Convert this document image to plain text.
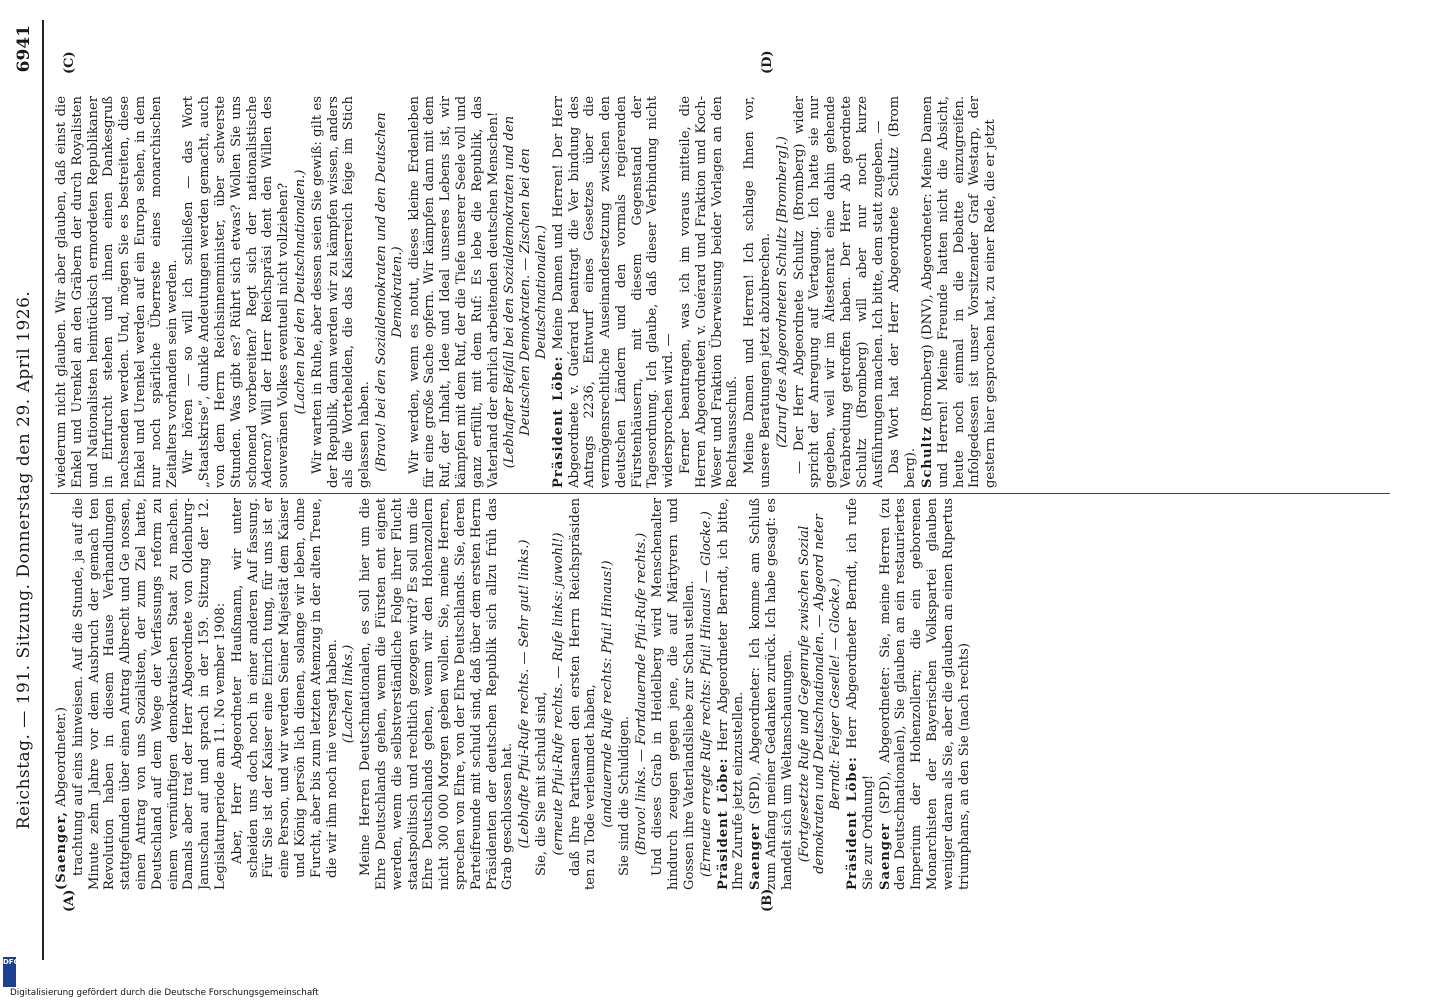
Reichstag. — 191. Sitzung. Donnerstag den 29. April 1926.
6941
(A)	(B)
(C)	(D)

(Saenger, Abgeordneter.) trachtung auf eins hinweisen. Auf die Stunde, ja auf die Minute zehn Jahre vor dem Ausbruch der gemach ten Revolution haben in diesem Hause Verhandlungen stattgefunden über einen Antrag Albrecht und Ge nossen, einen Antrag von uns Sozialisten, der zum Ziel hatte, Deutschland auf dem Wege der Verfassungs reform zu einem vernünftigen demokratischen Staat zu machen. Damals aber trat der Herr Abgeordnete von Oldenburg-Januschau auf und sprach in der 159. Sitzung der 12. Legislaturperiode am 11. No vember 1908: Aber, Herr Abgeordneter Haußmann, wir unter scheiden uns doch noch in einer anderen Auf fassung. Für Sie ist der Kaiser eine Einrich tung, für uns ist er eine Person, und wir werden Seiner Majestät dem Kaiser und König persön lich dienen, solange wir leben, ohne Furcht, aber bis zum letzten Atemzug in der alten Treue, die wir ihm noch nie versagt haben. (Lachen links.) Meine Herren Deutschnationalen, es soll hier um die Ehre Deutschlands gehen, wenn die Fürsten ent eignet werden, wenn die selbstverständliche Folge ihrer Flucht staatspolitisch und rechtlich gezogen wird? Es soll um die Ehre Deutschlands gehen, wenn wir den Hohenzollern nicht 300 000 Morgen geben wollen. Sie, meine Herren, sprechen von Ehre, von der Ehre Deutschlands. Sie, deren Parteifreunde mit schuld sind, daß über dem ersten Herrn Präsidenten der deutschen Republik sich allzu früh das Grab geschlossen hat. (Lebhafte Pfui-Rufe rechts. — Sehr gut! links.) Sie, die Sie mit schuld sind, (erneute Pfui-Rufe rechts. — Rufe links: jawohl!) daß Ihre Partisanen den ersten Herrn Reichspräsiden ten zu Tode verleumdet haben, (andauernde Rufe rechts: Pfui! Hinaus!) Sie sind die Schuldigen. (Bravo! links. — Fortdauernde Pfui-Rufe rechts.) Und dieses Grab in Heidelberg wird Menschenalter hindurch zeugen gegen jene, die auf Märtyrern und Gossen ihre Vaterlandsliebe zur Schau stellen. (Erneute erregte Rufe rechts: Pfui! Hinaus! — Glocke.) Präsident Löbe: Herr Abgeordneter Berndt, ich bitte, Ihre Zurufe jetzt einzustellen. Saenger (SPD), Abgeordneter: Ich komme am Schluß zum Anfang meiner Gedanken zurück. Ich habe gesagt: es handelt sich um Weltanschauungen. (Fortgesetzte Rufe und Gegenrufe zwischen Sozial demokraten und Deutschnationalen. — Abgeord neter Berndt: Feiger Geselle! — Glocke.)

Präsident Löbe: Herr Abgeordneter Berndt, ich rufe Sie zur Ordnung! Saenger (SPD), Abgeordneter: Sie, meine Herren (zu den Deutschnationalen), Sie glauben an ein restauriertes Imperium der Hohenzollern; die ein geborenen Monarchisten der Bayerischen Volkspartei glauben weniger daran als Sie, aber die glauben an einen Rupertus triumphans, an den Sie (nach rechts)

wiederum nicht glauben. Wir aber glauben, daß einst die Enkel und Urenkel an den Gräbern der durch Royalisten und Nationalisten heimtückisch ermordeten Republikaner in Ehrfurcht stehen und ihnen einen Dankesgruß nachsenden werden. Und, mögen Sie es bestreiten, diese Enkel und Urenkel werden auf ein Europa sehen, in dem nur noch spärliche Überreste eines monarchischen Zeitalters vorhanden sein werden. Wir hören — so will ich schließen — das Wort „Staatskrise“, dunkle Andeutungen werden gemacht, auch von dem Herrn Reichsinnenminister, über schwerste Stunden. Was gibt es? Rührt sich etwas? Wollen Sie uns schonend vorbereiten? Regt sich der nationalistische Aderon? Will der Herr Reichspräsi dent den Willen des souveränen Volkes eventuell nicht vollziehen? (Lachen bei den Deutschnationalen.) Wir warten in Ruhe, aber dessen seien Sie gewiß: gilt es der Republik, dann werden wir zu kämpfen wissen, anders als die Wortehelden, die das Kaiserreich feige im Stich gelassen haben. (Bravo! bei den Sozialdemokraten und den Deutschen Demokraten.) Wir werden, wenn es notut, dieses kleine Erdenleben für eine große Sache opfern. Wir kämpfen dann mit dem Ruf, der Inhalt, Idee und Ideal unseres Lebens ist, wir kämpfen mit dem Ruf, der die Tiefe unserer Seele voll und ganz erfüllt, mit dem Ruf: Es lebe die Republik, das Vaterland der ehrlich arbeitenden deutschen Menschen! (Lebhafter Beifall bei den Sozialdemokraten und den Deutschen Demokraten. — Zischen bei den Deutschnationalen.)

Präsident Löbe: Meine Damen und Herren! Der Herr Abgeordnete v. Guérard beantragt die Ver bindung des Antrags 2236, Entwurf eines Gesetzes über die vermögensrechtliche Auseinandersetzung zwischen den deutschen Ländern und den vormals regierenden Fürstenhäusern, mit diesem Gegenstand der Tagesordnung. Ich glaube, daß dieser Verbindung nicht widersprochen wird. — Ferner beantragen, was ich im voraus mitteile, die Herren Abgeordneten v. Guérard und Fraktion und Koch-Weser und Fraktion Überweisung beider Vorlagen an den Rechtsausschuß. Meine Damen und Herren! Ich schlage Ihnen vor, unsere Beratungen jetzt abzubrechen. (Zuruf des Abgeordneten Schultz [Bromberg].) — Der Herr Abgeordnete Schultz (Bromberg) wider spricht der Anregung auf Vertagung. Ich hatte sie nur gegeben, weil wir im Ältestenrat eine dahin gehende Verabredung getroffen haben. Der Herr Ab geordnete Schultz (Bromberg) will aber nur noch kurze Ausführungen machen. Ich bitte, dem statt zugeben. — Das Wort hat der Herr Abgeordnete Schultz (Brom berg). Schultz (Bromberg) (DNV), Abgeordneter: Meine Damen und Herren! Meine Freunde hatten nicht die Absicht, heute noch einmal in die Debatte einzugreifen. Infolgedessen ist unser Vorsitzender Graf Westarp, der gestern hier gesprochen hat, zu einer Rede, die er jetzt

Digitalisierung gefördert durch die Deutsche Forschungsgemeinschaft
DFG
